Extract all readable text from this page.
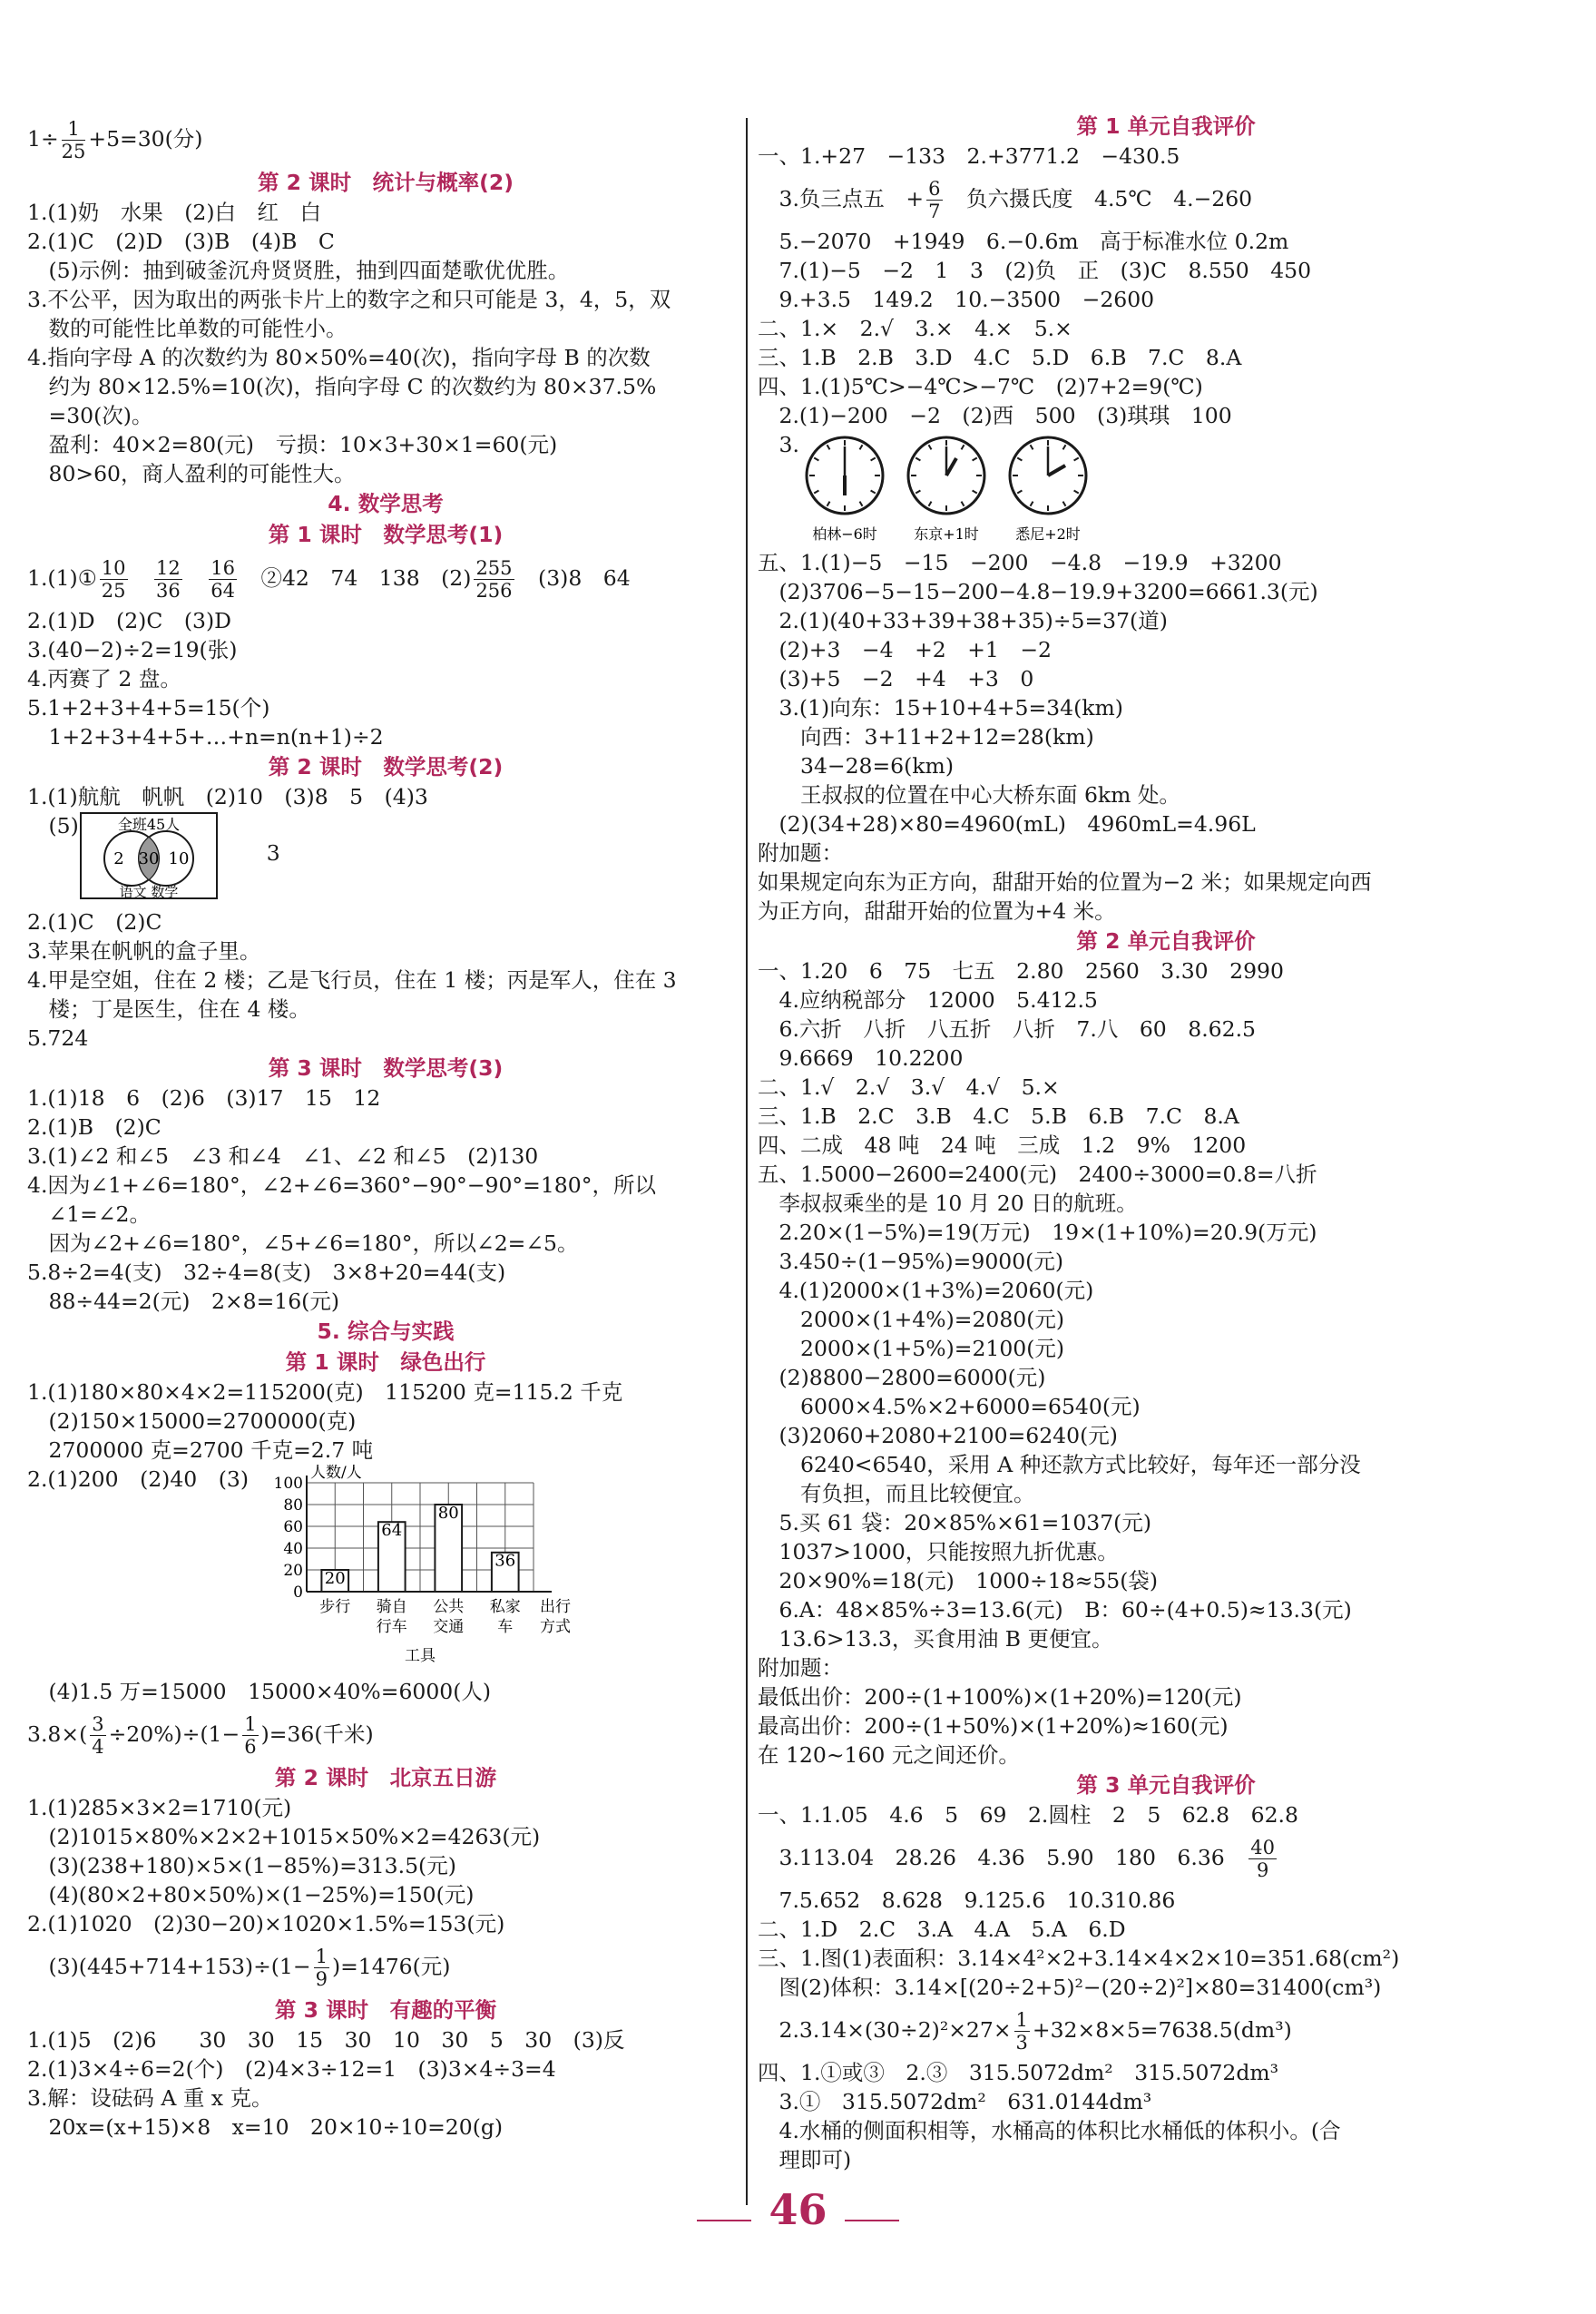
$1\div \frac{1}{25} +5=30$(分)
第 2 课时　统计与概率(2)
1.(1)奶　水果　(2)白　红　白
2.(1)C　(2)D　(3)B　(4)B　C
　(5)示例：抽到破釜沉舟贤贤胜，抽到四面楚歌优优胜。
3.不公平，因为取出的两张卡片上的数字之和只可能是 3，4，5，双
　数的可能性比单数的可能性小。
4.指向字母 A 的次数约为 80×50%=40(次)，指向字母 B 的次数
　约为 80×12.5%=10(次)，指向字母 C 的次数约为 80×37.5%
　=30(次)。
　盈利：40×2=80(元)　亏损：10×3+30×1=60(元)
　80>60，商人盈利的可能性大。
4. 数学思考
第 1 课时　数学思考(1)
1.(1)① $\frac{10}{25}$
　 $\frac{12}{36}$
　 $\frac{16}{64}$ 　②42　74　138　$(2) \frac{255}{256}$ 　(3)8　64
2.(1)D　(2)C　(3)D
3.(40−2)÷2=19(张)
4.丙赛了 2 盘。
5.1+2+3+4+5=15(个)
　1+2+3+4+5+…+n=n(n+1)÷2
第 2 课时　数学思考(2)
1.(1)航航　帆帆　(2)10　(3)8　5　(4)3
　(5)	全班45人
2 30 10
语文 数学
　　3
2.(1)C　(2)C
3.苹果在帆帆的盒子里。
4.甲是空姐，住在 2 楼；乙是飞行员，住在 1 楼；丙是军人，住在 3
　楼；丁是医生，住在 4 楼。
5.724
第 3 课时　数学思考(3)
1.(1)18　6　(2)6　(3)17　15　12
2.(1)B　(2)C
3.(1)∠2 和∠5　∠3 和∠4　∠1、∠2 和∠5　(2)130
4.因为∠1+∠6=180°，∠2+∠6=360°−90°−90°=180°，所以
　∠1=∠2。
　因为∠2+∠6=180°，∠5+∠6=180°，所以∠2=∠5。
5.8÷2=4(支)　32÷4=8(支)　3×8+20=44(支)
　88÷44=2(元)　2×8=16(元)
5. 综合与实践
第 1 课时　绿色出行
1.(1)180×80×4×2=115200(克)　115200 克=115.2 千克
　(2)150×15000=2700000(克)
　2700000 克=2700 千克=2.7 吨
2.(1)200　(2)40　(3)
0
20
40
60
80
100
人数/人
20
64
80
36
步行 骑自行车
公共交通
私家车
出行方式
工具
　(4)1.5 万=15000　15000×40%=6000(人)
$3.8\times( \frac{3}{4} \div 20\%)\div(1- \frac{1}{6} )=36$(千米)
第 2 课时　北京五日游
1.(1)285×3×2=1710(元)
　(2)1015×80%×2×2+1015×50%×2=4263(元)
　(3)(238+180)×5×(1−85%)=313.5(元)
　(4)(80×2+80×50%)×(1−25%)=150(元)
2.(1)1020　(2)30−20)×1020×1.5%=153(元)
　$(3)(445+714+153)\div(1- \frac{1}{9} )=1476$(元)
第 3 课时　有趣的平衡
1.(1)5　(2)6　　30　30　15　30　10　30　5　30　(3)反
2.(1)3×4÷6=2(个)　(2)4×3÷12=1　(3)3×4÷3=4
3.解：设砝码 A 重 x 克。
　20x=(x+15)×8　x=10　20×10÷10=20(g)
第 1 单元自我评价
一、1.+27　−133　2.+3771.2　−430.5
　3.负三点五　+ $\frac{6}{7}$ 　负六摄氏度　4.5℃　4.−260
　5.−2070　+1949　6.−0.6m　高于标准水位 0.2m
　7.(1)−5　−2　1　3　(2)负　正　(3)C　8.550　450
　9.+3.5　149.2　10.−3500　−2600
二、1.×　2.√　3.×　4.×　5.×
三、1.B　2.B　3.D　4.C　5.D　6.B　7.C　8.A
四、1.(1)5℃>−4℃>−7℃　(2)7+2=9(℃)
　2.(1)−200　−2　(2)西　500　(3)琪琪　100
　3.
柏林−6时	东京+1时	悉尼+2时
五、1.(1)−5　−15　−200　−4.8　−19.9　+3200
　(2)3706−5−15−200−4.8−19.9+3200=6661.3(元)
　2.(1)(40+33+39+38+35)÷5=37(道)
　(2)+3　−4　+2　+1　−2
　(3)+5　−2　+4　+3　0
　3.(1)向东：15+10+4+5=34(km)
　　向西：3+11+2+12=28(km)
　　34−28=6(km)
　　王叔叔的位置在中心大桥东面 6km 处。
　(2)(34+28)×80=4960(mL)　4960mL=4.96L
附加题：
如果规定向东为正方向，甜甜开始的位置为−2 米；如果规定向西
为正方向，甜甜开始的位置为+4 米。
第 2 单元自我评价
一、1.20　6　75　七五　2.80　2560　3.30　2990
　4.应纳税部分　12000　5.412.5
　6.六折　八折　八五折　八折　7.八　60　8.62.5
　9.6669　10.2200
二、1.√　2.√　3.√　4.√　5.×
三、1.B　2.C　3.B　4.C　5.B　6.B　7.C　8.A
四、二成　48 吨　24 吨　三成　1.2　9%　1200
五、1.5000−2600=2400(元)　2400÷3000=0.8=八折
　李叔叔乘坐的是 10 月 20 日的航班。
　2.20×(1−5%)=19(万元)　19×(1+10%)=20.9(万元)
　3.450÷(1−95%)=9000(元)
　4.(1)2000×(1+3%)=2060(元)
　　2000×(1+4%)=2080(元)
　　2000×(1+5%)=2100(元)
　(2)8800−2800=6000(元)
　　6000×4.5%×2+6000=6540(元)
　(3)2060+2080+2100=6240(元)
　　6240<6540，采用 A 种还款方式比较好，每年还一部分没
　　有负担，而且比较便宜。
　5.买 61 袋：20×85%×61=1037(元)
　1037>1000，只能按照九折优惠。
　20×90%=18(元)　1000÷18≈55(袋)
　6.A：48×85%÷3=13.6(元)　B：60÷(4+0.5)≈13.3(元)
　13.6>13.3，买食用油 B 更便宜。
附加题：
最低出价：200÷(1+100%)×(1+20%)=120(元)
最高出价：200÷(1+50%)×(1+20%)≈160(元)
在 120~160 元之间还价。
第 3 单元自我评价
一、1.1.05　4.6　5　69　2.圆柱　2　5　62.8　62.8
　3.113.04　28.26　4.36　5.90　180　6.36　 $\frac{40}{9}$
　7.5.652　8.628　9.125.6　10.310.86
二、1.D　2.C　3.A　4.A　5.A　6.D
三、1.图(1)表面积：3.14×4²×2+3.14×4×2×10=351.68(cm²)
　图(2)体积：3.14×[(20÷2+5)²−(20÷2)²]×80=31400(cm³)
　$2.3.14\times(30\div 2)^2\times 27\times \frac{1}{3} +32\times 8\times 5=7638.5(dm^3)$
四、1.①或③　2.③　315.5072dm²　315.5072dm³
　3.①　315.5072dm²　631.0144dm³
　4.水桶的侧面积相等，水桶高的体积比水桶低的体积小。(合
　理即可)
46
